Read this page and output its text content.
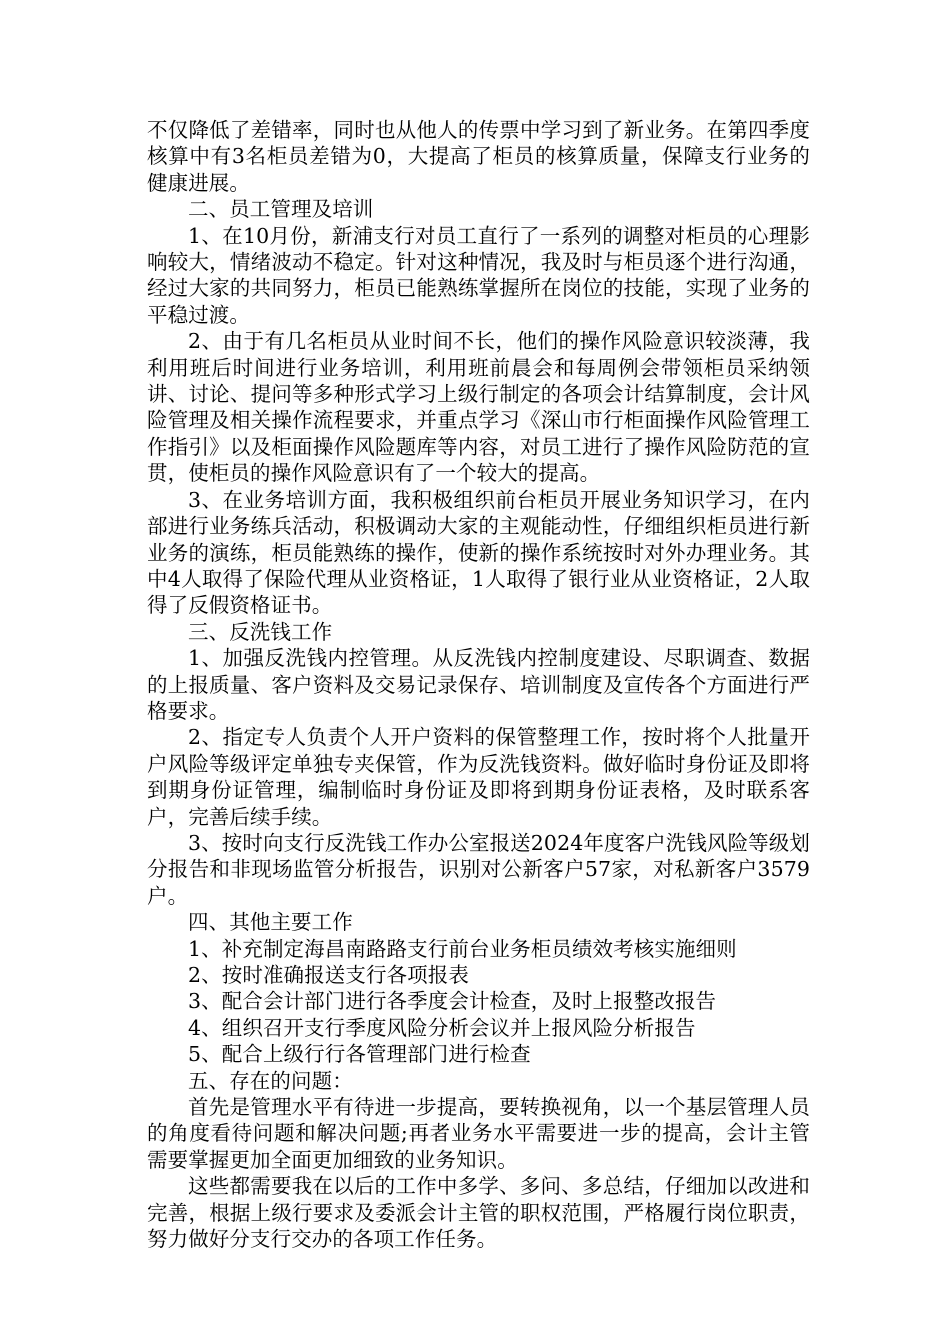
不仅降低了差错率，同时也从他人的传票中学习到了新业务。在第四季度核算中有3名柜员差错为0，大提高了柜员的核算质量，保障支行业务的健康进展。

二、员工管理及培训

1、在10月份，新浦支行对员工直行了一系列的调整对柜员的心理影响较大，情绪波动不稳定。针对这种情况，我及时与柜员逐个进行沟通，经过大家的共同努力，柜员已能熟练掌握所在岗位的技能，实现了业务的平稳过渡。

2、由于有几名柜员从业时间不长，他们的操作风险意识较淡薄，我利用班后时间进行业务培训，利用班前晨会和每周例会带领柜员采纳领讲、讨论、提问等多种形式学习上级行制定的各项会计结算制度，会计风险管理及相关操作流程要求，并重点学习《深山市行柜面操作风险管理工作指引》以及柜面操作风险题库等内容，对员工进行了操作风险防范的宣贯，使柜员的操作风险意识有了一个较大的提高。

3、在业务培训方面，我积极组织前台柜员开展业务知识学习，在内部进行业务练兵活动，积极调动大家的主观能动性，仔细组织柜员进行新业务的演练，柜员能熟练的操作，使新的操作系统按时对外办理业务。其中4人取得了保险代理从业资格证，1人取得了银行业从业资格证，2人取得了反假资格证书。

三、反洗钱工作

1、加强反洗钱内控管理。从反洗钱内控制度建设、尽职调查、数据的上报质量、客户资料及交易记录保存、培训制度及宣传各个方面进行严格要求。

2、指定专人负责个人开户资料的保管整理工作，按时将个人批量开户风险等级评定单独专夹保管，作为反洗钱资料。做好临时身份证及即将到期身份证管理，编制临时身份证及即将到期身份证表格，及时联系客户，完善后续手续。

3、按时向支行反洗钱工作办公室报送2024年度客户洗钱风险等级划分报告和非现场监管分析报告，识别对公新客户57家，对私新客户3579户。

四、其他主要工作

1、补充制定海昌南路路支行前台业务柜员绩效考核实施细则

2、按时准确报送支行各项报表

3、配合会计部门进行各季度会计检查，及时上报整改报告

4、组织召开支行季度风险分析会议并上报风险分析报告

5、配合上级行行各管理部门进行检查

五、存在的问题：

首先是管理水平有待进一步提高，要转换视角，以一个基层管理人员的角度看待问题和解决问题;再者业务水平需要进一步的提高，会计主管需要掌握更加全面更加细致的业务知识。

这些都需要我在以后的工作中多学、多问、多总结，仔细加以改进和完善，根据上级行要求及委派会计主管的职权范围，严格履行岗位职责，努力做好分支行交办的各项工作任务。
